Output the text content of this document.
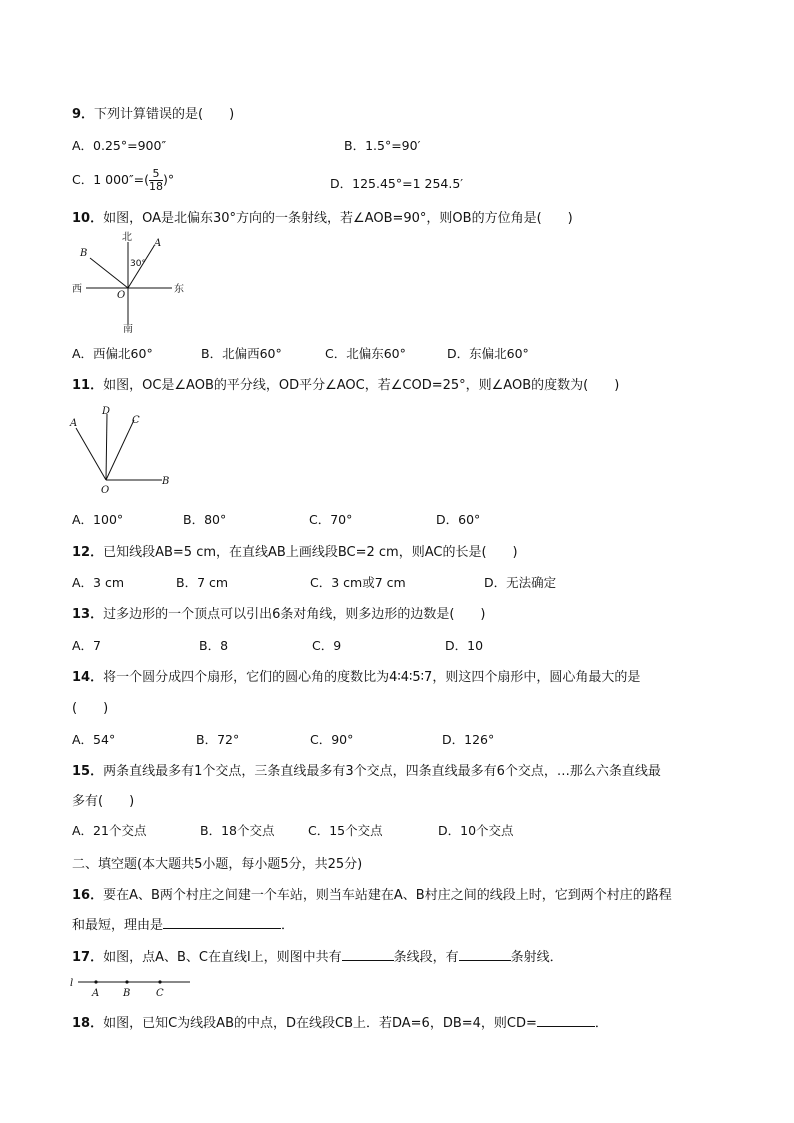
9．下列计算错误的是(　　)
A．0.25°=900″	B．1.5°=90′
C．1 $000''=( \frac{5}{18}$ )°	D．125.45°=1 254.5′
10．如图，OA是北偏东30°方向的一条射线，若∠AOB=90°，则OB的方位角是(　　)
北
南
西	东
A
B
O
30°
A．西偏北60°	B．北偏西60°	C．北偏东60°	D．东偏北60°
11．如图，OC是∠AOB的平分线，OD平分∠AOC，若∠COD=25°，则∠AOB的度数为(　　)
A
D
C
O
B
A．100°	B．80°	C．70°	D．60°
12．已知线段AB=5 cm，在直线AB上画线段BC=2 cm，则AC的长是(　　)
A．3 cm	B．7 cm	C．3 cm或7 cm	D．无法确定
13．过多边形的一个顶点可以引出6条对角线，则多边形的边数是(　　)
A．7	B．8	C．9	D．10
14．将一个圆分成四个扇形，它们的圆心角的度数比为4∶4∶5∶7，则这四个扇形中，圆心角最大的是
(　　)
A．54°	B．72°	C．90°	D．126°
15．两条直线最多有1个交点，三条直线最多有3个交点，四条直线最多有6个交点，…那么六条直线最
多有(　　)
A．21个交点	B．18个交点	C．15个交点	D．10个交点
二、填空题(本大题共5小题，每小题5分，共25分)
16．要在A、B两个村庄之间建一个车站，则当车站建在A、B村庄之间的线段上时，它到两个村庄的路程
和最短，理由是	．
17．如图，点A、B、C在直线l上，则图中共有	条线段，有	条射线．
l
A B	C
18．如图，已知C为线段AB的中点，D在线段CB上．若DA=6，DB=4，则CD=	．
